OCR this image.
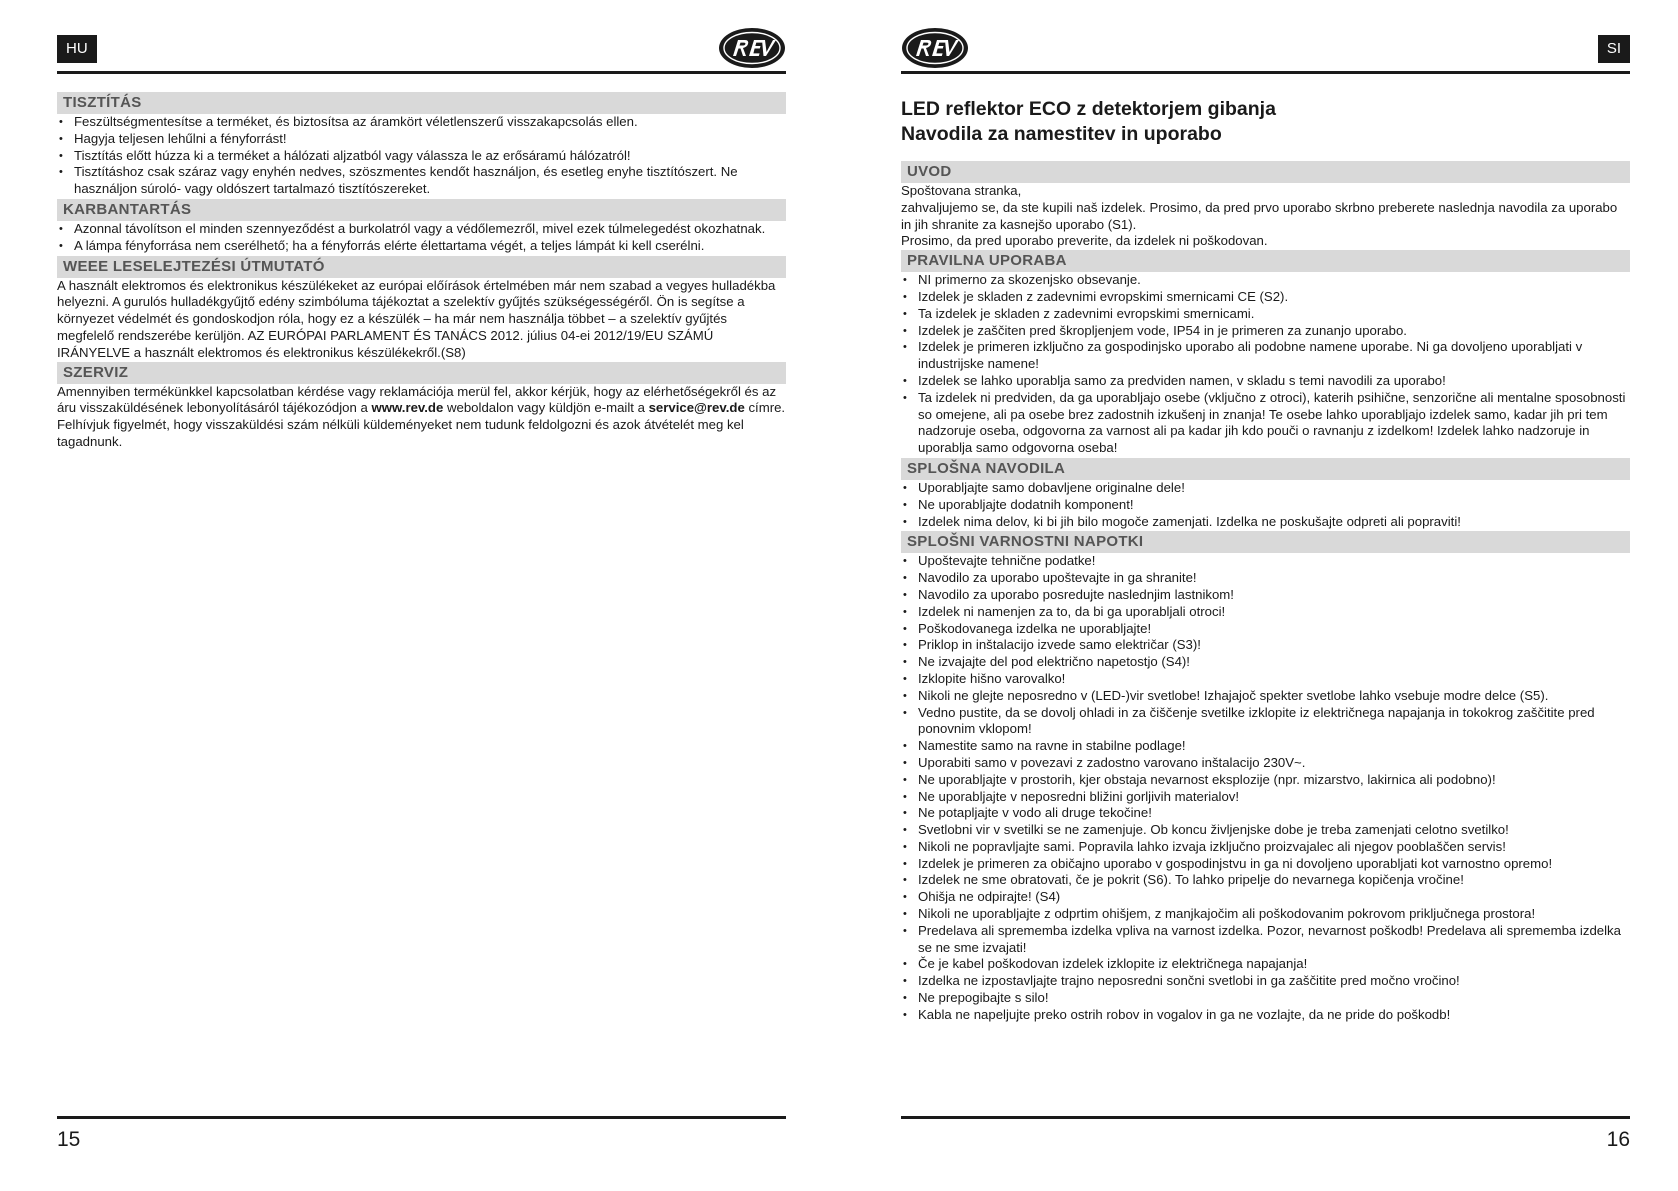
HU
TISZTÍTÁS
• Feszültségmentesítse a terméket, és biztosítsa az áramkört véletlenszerű visszakapcsolás ellen.
• Hagyja teljesen lehűlni a fényforrást!
• Tisztítás előtt húzza ki a terméket a hálózati aljzatból vagy válassza le az erősáramú hálózatról!
• Tisztításhoz csak száraz vagy enyhén nedves, szöszmentes kendőt használjon, és esetleg enyhe tisztítószert. Ne használjon súroló- vagy oldószert tartalmazó tisztítószereket.
KARBANTARTÁS
• Azonnal távolítson el minden szennyeződést a burkolatról vagy a védőlemezről, mivel ezek túlmelegedést okozhatnak.
• A lámpa fényforrása nem cserélhető; ha a fényforrás elérte élettartama végét, a teljes lámpát ki kell cserélni.
WEEE LESELEJTEZÉSI ÚTMUTATÓ

A használt elektromos és elektronikus készülékeket az európai előírások értelmében már nem szabad a vegyes hulladékba helyezni. A gurulós hulladékgyűjtő edény szimbóluma tájékoztat a szelektív gyűjtés szükségességéről. Ön is segítse a környezet védelmét és gondoskodjon róla, hogy ez a készülék – ha már nem használja többet – a szelektív gyűjtés megfelelő rendszerébe kerüljön. AZ EURÓPAI PARLAMENT ÉS TANÁCS 2012. július 04-ei 2012/19/EU SZÁMÚ IRÁNYELVE a használt elektromos és elektronikus készülékekről.(S8)

SZERVIZ

Amennyiben termékünkkel kapcsolatban kérdése vagy reklamációja merül fel, akkor kérjük, hogy az elérhetőségekről és az áru visszaküldésének lebonyolításáról tájékozódjon a www.rev.de weboldalon vagy küldjön e-mailt a service@rev.de címre. Felhívjuk figyelmét, hogy visszaküldési szám nélküli küldeményeket nem tudunk feldolgozni és azok átvételét meg kel tagadnunk.

15
SI
LED reflektor ECO z detektorjem gibanja
Navodila za namestitev in uporabo
UVOD

Spoštovana stranka,

zahvaljujemo se, da ste kupili naš izdelek. Prosimo, da pred prvo uporabo skrbno preberete naslednja navodila za uporabo in jih shranite za kasnejšo uporabo (S1).

Prosimo, da pred uporabo preverite, da izdelek ni poškodovan.

PRAVILNA UPORABA
• NI primerno za skozenjsko obsevanje.
• Izdelek je skladen z zadevnimi evropskimi smernicami CE (S2).
• Ta izdelek je skladen z zadevnimi evropskimi smernicami.
• Izdelek je zaščiten pred škropljenjem vode, IP54 in je primeren za zunanjo uporabo.
• Izdelek je primeren izključno za gospodinjsko uporabo ali podobne namene uporabe. Ni ga dovoljeno uporabljati v industrijske namene!
• Izdelek se lahko uporablja samo za predviden namen, v skladu s temi navodili za uporabo!
• Ta izdelek ni predviden, da ga uporabljajo osebe (vključno z otroci), katerih psihične, senzorične ali mentalne sposobnosti so omejene, ali pa osebe brez zadostnih izkušenj in znanja! Te osebe lahko uporabljajo izdelek samo, kadar jih pri tem nadzoruje oseba, odgovorna za varnost ali pa kadar jih kdo pouči o ravnanju z izdelkom! Izdelek lahko nadzoruje in uporablja samo odgovorna oseba!
SPLOŠNA NAVODILA
• Uporabljajte samo dobavljene originalne dele!
• Ne uporabljajte dodatnih komponent!
• Izdelek nima delov, ki bi jih bilo mogoče zamenjati. Izdelka ne poskušajte odpreti ali popraviti!
SPLOŠNI VARNOSTNI NAPOTKI
• Upoštevajte tehnične podatke!
• Navodilo za uporabo upoštevajte in ga shranite!
• Navodilo za uporabo posredujte naslednjim lastnikom!
• Izdelek ni namenjen za to, da bi ga uporabljali otroci!
• Poškodovanega izdelka ne uporabljajte!
• Priklop in inštalacijo izvede samo električar (S3)!
• Ne izvajajte del pod električno napetostjo (S4)!
• Izklopite hišno varovalko!
• Nikoli ne glejte neposredno v (LED-)vir svetlobe! Izhajajoč spekter svetlobe lahko vsebuje modre delce (S5).
• Vedno pustite, da se dovolj ohladi in za čiščenje svetilke izklopite iz električnega napajanja in tokokrog zaščitite pred ponovnim vklopom!
• Namestite samo na ravne in stabilne podlage!
• Uporabiti samo v povezavi z zadostno varovano inštalacijo 230V~.
• Ne uporabljajte v prostorih, kjer obstaja nevarnost eksplozije (npr. mizarstvo, lakirnica ali podobno)!
• Ne uporabljajte v neposredni bližini gorljivih materialov!
• Ne potapljajte v vodo ali druge tekočine!
• Svetlobni vir v svetilki se ne zamenjuje. Ob koncu življenjske dobe je treba zamenjati celotno svetilko!
• Nikoli ne popravljajte sami. Popravila lahko izvaja izključno proizvajalec ali njegov pooblaščen servis!
• Izdelek je primeren za običajno uporabo v gospodinjstvu in ga ni dovoljeno uporabljati kot varnostno opremo!
• Izdelek ne sme obratovati, če je pokrit (S6). To lahko pripelje do nevarnega kopičenja vročine!
• Ohišja ne odpirajte! (S4)
• Nikoli ne uporabljajte z odprtim ohišjem, z manjkajočim ali poškodovanim pokrovom priključnega prostora!
• Predelava ali sprememba izdelka vpliva na varnost izdelka. Pozor, nevarnost poškodb! Predelava ali sprememba izdelka se ne sme izvajati!
• Če je kabel poškodovan izdelek izklopite iz električnega napajanja!
• Izdelka ne izpostavljajte trajno neposredni sončni svetlobi in ga zaščitite pred močno vročino!
• Ne prepogibajte s silo!
• Kabla ne napeljujte preko ostrih robov in vogalov in ga ne vozlajte, da ne pride do poškodb!
16
